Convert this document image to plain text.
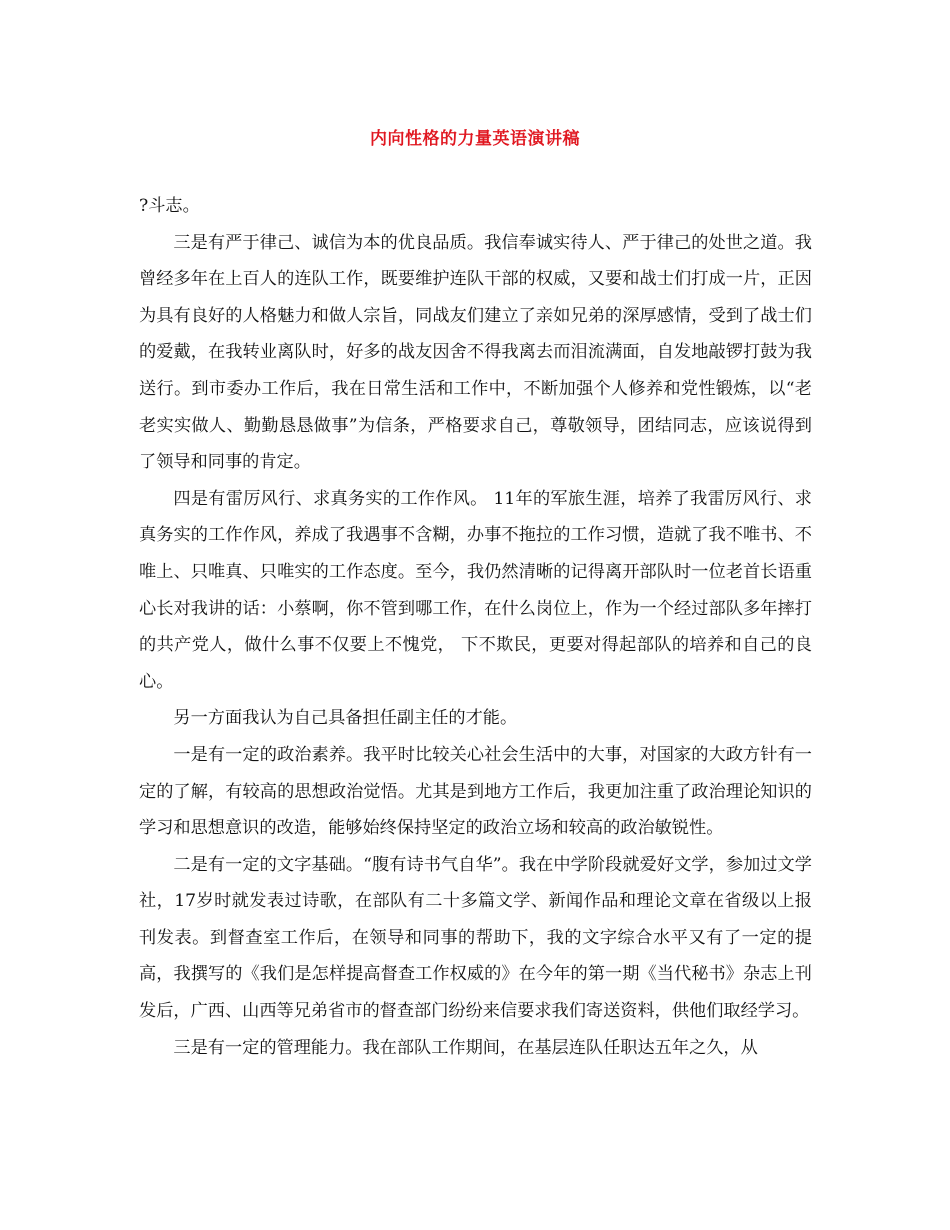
内向性格的力量英语演讲稿

?斗志。

三是有严于律己、诚信为本的优良品质。我信奉诚实待人、严于律己的处世之道。我曾经多年在上百人的连队工作，既要维护连队干部的权威，又要和战士们打成一片，正因为具有良好的人格魅力和做人宗旨，同战友们建立了亲如兄弟的深厚感情，受到了战士们的爱戴，在我转业离队时，好多的战友因舍不得我离去而泪流满面，自发地敲锣打鼓为我送行。到市委办工作后，我在日常生活和工作中，不断加强个人修养和党性锻炼，以“老老实实做人、勤勤恳恳做事”为信条，严格要求自己，尊敬领导，团结同志，应该说得到了领导和同事的肯定。

四是有雷厉风行、求真务实的工作作风。 11年的军旅生涯，培养了我雷厉风行、求真务实的工作作风，养成了我遇事不含糊，办事不拖拉的工作习惯，造就了我不唯书、不唯上、只唯真、只唯实的工作态度。至今，我仍然清晰的记得离开部队时一位老首长语重心长对我讲的话：小蔡啊，你不管到哪工作，在什么岗位上，作为一个经过部队多年摔打的共产党人，做什么事不仅要上不愧党， 下不欺民，更要对得起部队的培养和自己的良心。

另一方面我认为自己具备担任副主任的才能。

一是有一定的政治素养。我平时比较关心社会生活中的大事，对国家的大政方针有一定的了解，有较高的思想政治觉悟。尤其是到地方工作后，我更加注重了政治理论知识的学习和思想意识的改造，能够始终保持坚定的政治立场和较高的政治敏锐性。

二是有一定的文字基础。“腹有诗书气自华”。我在中学阶段就爱好文学，参加过文学社，17岁时就发表过诗歌，在部队有二十多篇文学、新闻作品和理论文章在省级以上报刊发表。到督查室工作后，在领导和同事的帮助下，我的文字综合水平又有了一定的提高，我撰写的《我们是怎样提高督查工作权威的》在今年的第一期《当代秘书》杂志上刊发后，广西、山西等兄弟省市的督查部门纷纷来信要求我们寄送资料，供他们取经学习。

三是有一定的管理能力。我在部队工作期间，在基层连队任职达五年之久，从
